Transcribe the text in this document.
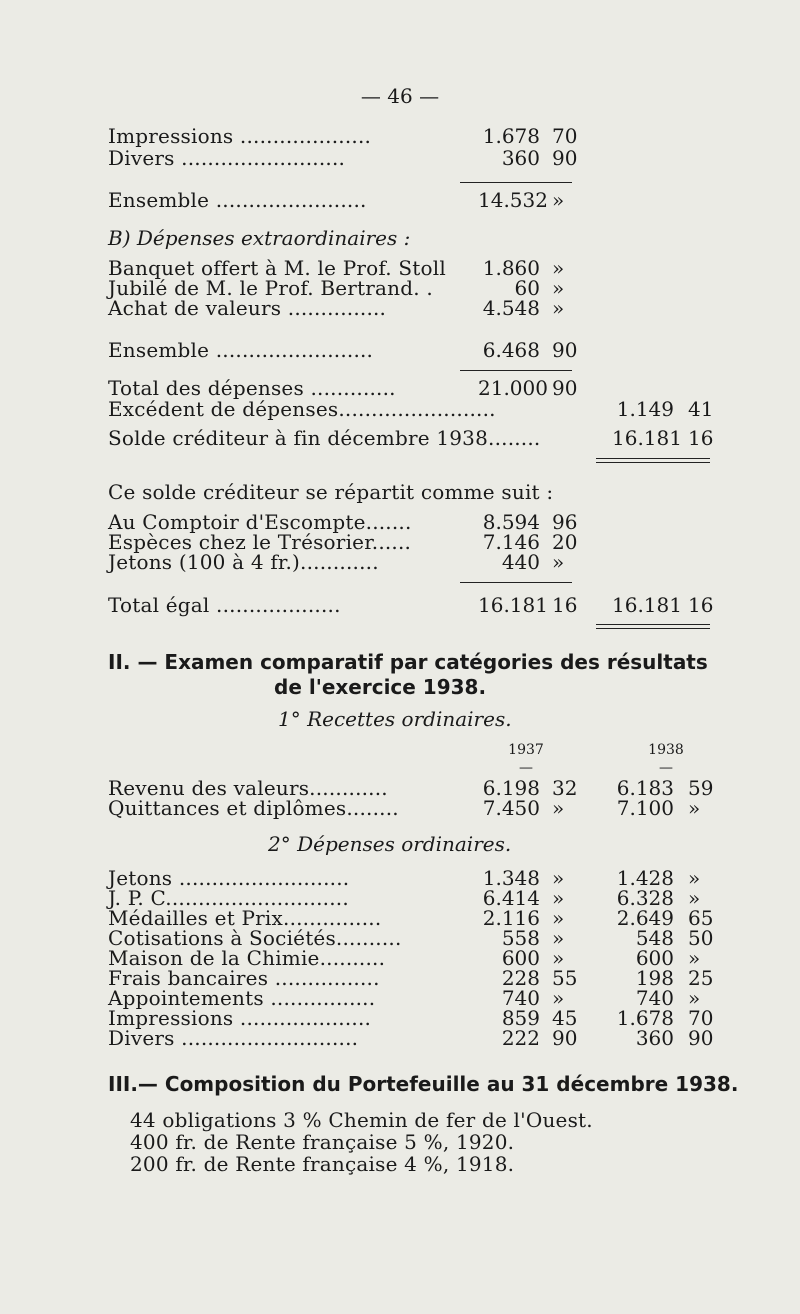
— 46 —
Impressions ....................	1.678 70
Divers .........................	360 90
Ensemble .......................	14.532 »
B) Dépenses extraordinaires :
Banquet offert à M. le Prof. Stoll 1.860 »
Jubilé de M. le Prof. Bertrand. .	60 »
Achat de valeurs ...............	4.548 »
Ensemble ........................	6.468 90
Total des dépenses .............	21.000 90
Excédent de dépenses........................	1.149 41
Solde créditeur à fin décembre 1938........	16.181 16
Ce solde créditeur se répartit comme suit :
Au Comptoir d'Escompte.......	8.594 96
Espèces chez le Trésorier......	7.146 20
Jetons (100 à 4 fr.)............	440 »
Total égal ...................	16.181 16	16.181 16
II. — Examen comparatif par catégories des résultats
de l'exercice 1938.
1° Recettes ordinaires.
1937	1938
—	—
Revenu des valeurs............	6.198 32	6.183 59
Quittances et diplômes........	7.450 »	7.100 »
2° Dépenses ordinaires.
Jetons ..........................	1.348 »	1.428 »
J. P. C............................	6.414 »	6.328 »
Médailles et Prix...............	2.116 »	2.649 65
Cotisations à Sociétés..........	558 »	548 50
Maison de la Chimie..........	600 »	600 »
Frais bancaires ................	228 55	198 25
Appointements ................	740 »	740 »
Impressions ....................	859 45	1.678 70
Divers ...........................	222 90	360 90
III.— Composition du Portefeuille au 31 décembre 1938.
44 obligations 3 % Chemin de fer de l'Ouest.
400 fr. de Rente française 5 %, 1920.
200 fr. de Rente française 4 %, 1918.
